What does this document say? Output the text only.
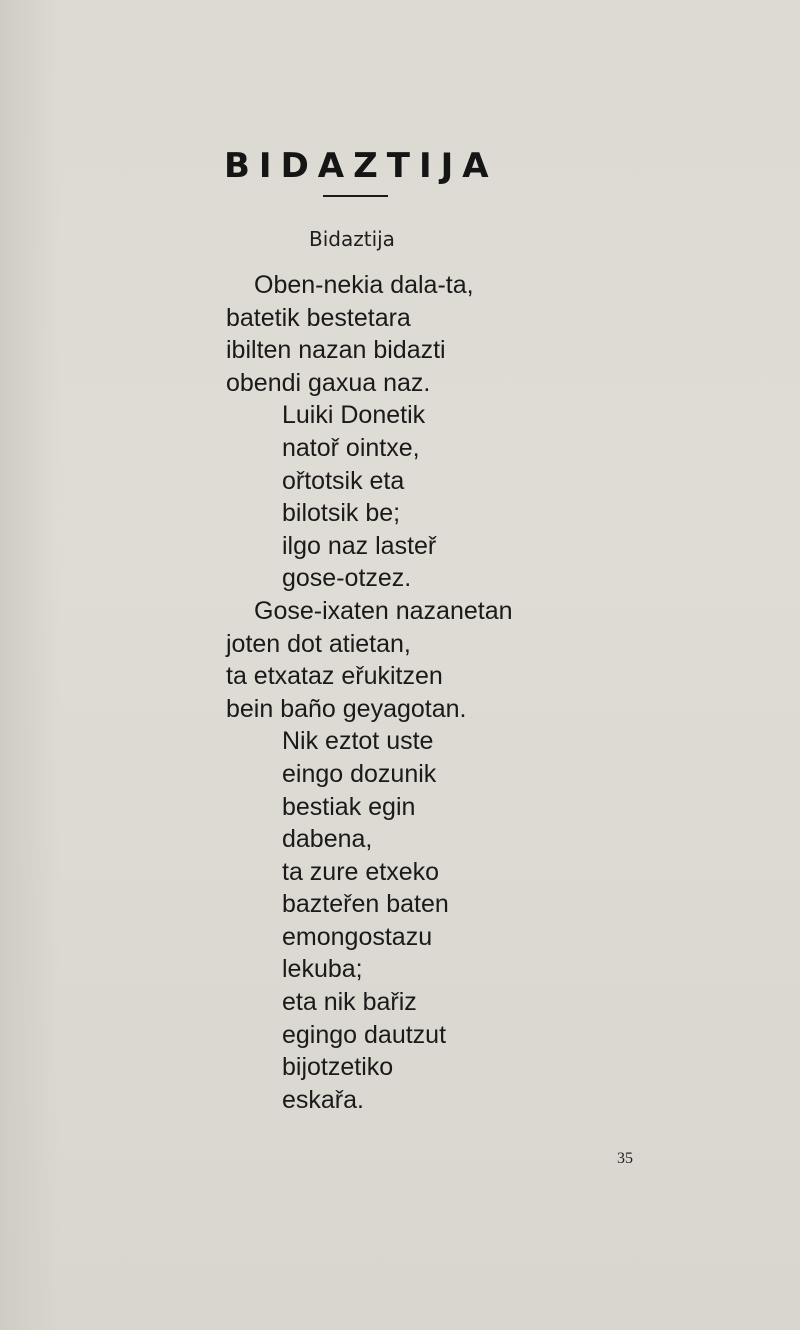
BIDAZTIJA
Bidaztija
Oben-nekia dala-ta,
batetik bestetara
ibilten nazan bidazti
obendi gaxua naz.
Luiki Donetik
natoř ointxe,
ořtotsik eta
bilotsik be;
ilgo naz lasteř
gose-otzez.
Gose-ixaten nazanetan
joten dot atietan,
ta etxataz eřukitzen
bein baño geyagotan.
Nik eztot uste
eingo dozunik
bestiak egin
dabena,
ta zure etxeko
bazteřen baten
emongostazu
lekuba;
eta nik bařiz
egingo dautzut
bijotzetiko
eskařa.
35
